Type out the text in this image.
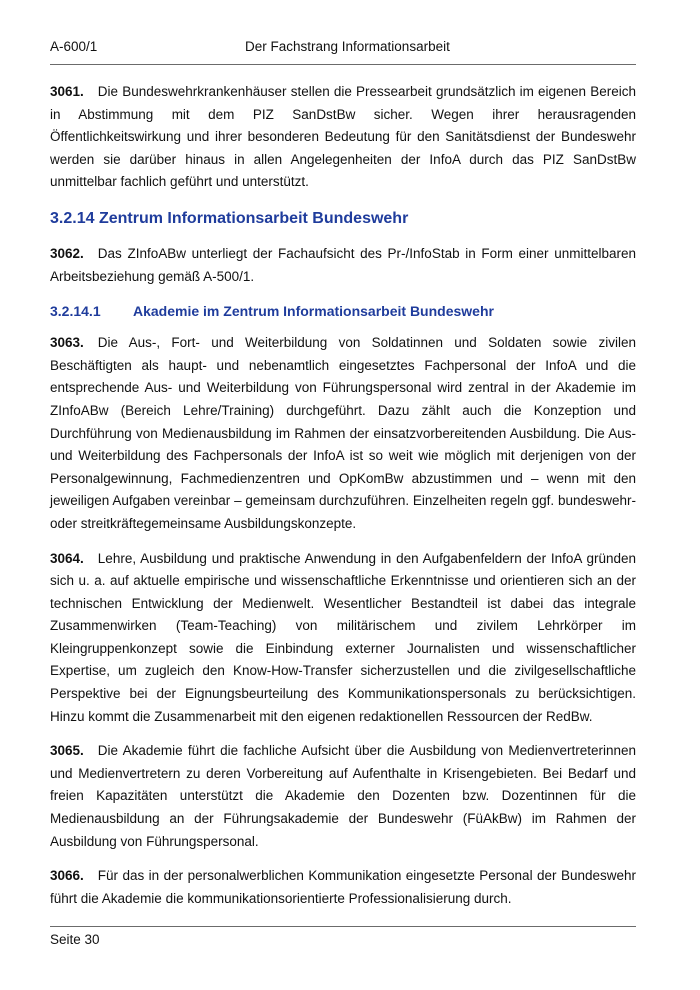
A-600/1	Der Fachstrang Informationsarbeit

3061. Die Bundeswehrkrankenhäuser stellen die Pressearbeit grundsätzlich im eigenen Bereich in Abstimmung mit dem PIZ SanDstBw sicher. Wegen ihrer herausragenden Öffentlichkeitswirkung und ihrer besonderen Bedeutung für den Sanitätsdienst der Bundeswehr werden sie darüber hinaus in allen Angelegenheiten der InfoA durch das PIZ SanDstBw unmittelbar fachlich geführt und unterstützt.

3.2.14 Zentrum Informationsarbeit Bundeswehr

3062. Das ZInfoABw unterliegt der Fachaufsicht des Pr-/InfoStab in Form einer unmittelbaren Arbeitsbeziehung gemäß A-500/1.

3.2.14.1 Akademie im Zentrum Informationsarbeit Bundeswehr

3063. Die Aus-, Fort- und Weiterbildung von Soldatinnen und Soldaten sowie zivilen Beschäftigten als haupt- und nebenamtlich eingesetztes Fachpersonal der InfoA und die entsprechende Aus- und Weiterbildung von Führungspersonal wird zentral in der Akademie im ZInfoABw (Bereich Lehre/Training) durchgeführt. Dazu zählt auch die Konzeption und Durchführung von Medienausbildung im Rahmen der einsatzvorbereitenden Ausbildung. Die Aus- und Weiterbildung des Fachpersonals der InfoA ist so weit wie möglich mit derjenigen von der Personalgewinnung, Fachmedienzentren und OpKomBw abzustimmen und – wenn mit den jeweiligen Aufgaben vereinbar – gemeinsam durchzuführen. Einzelheiten regeln ggf. bundeswehr- oder streitkräftegemeinsame Ausbildungskonzepte.

3064. Lehre, Ausbildung und praktische Anwendung in den Aufgabenfeldern der InfoA gründen sich u. a. auf aktuelle empirische und wissenschaftliche Erkenntnisse und orientieren sich an der technischen Entwicklung der Medienwelt. Wesentlicher Bestandteil ist dabei das integrale Zusammenwirken (Team-Teaching) von militärischem und zivilem Lehrkörper im Kleingruppenkonzept sowie die Einbindung externer Journalisten und wissenschaftlicher Expertise, um zugleich den Know-How-Transfer sicherzustellen und die zivilgesellschaftliche Perspektive bei der Eignungsbeurteilung des Kommunikationspersonals zu berücksichtigen. Hinzu kommt die Zusammenarbeit mit den eigenen redaktionellen Ressourcen der RedBw.

3065. Die Akademie führt die fachliche Aufsicht über die Ausbildung von Medienvertreterinnen und Medienvertretern zu deren Vorbereitung auf Aufenthalte in Krisengebieten. Bei Bedarf und freien Kapazitäten unterstützt die Akademie den Dozenten bzw. Dozentinnen für die Medienausbildung an der Führungsakademie der Bundeswehr (FüAkBw) im Rahmen der Ausbildung von Führungspersonal.

3066. Für das in der personalwerblichen Kommunikation eingesetzte Personal der Bundeswehr führt die Akademie die kommunikationsorientierte Professionalisierung durch.

Seite 30
